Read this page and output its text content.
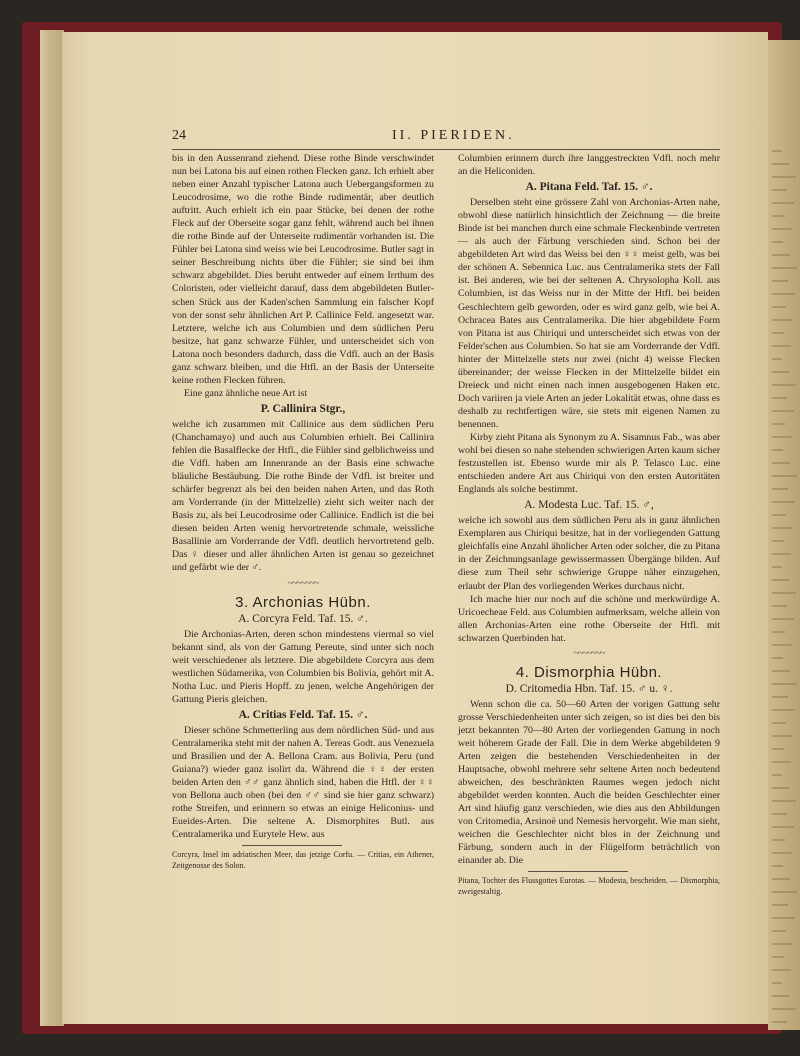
24	II. PIERIDEN.

bis in den Aussenrand ziehend. Diese rothe Binde verschwindet nun bei Latona bis auf einen rothen Flecken ganz. Ich erhielt aber neben einer Anzahl typischer Latona auch Uebergangsformen zu Leucodrosime, wo die rothe Binde rudimentär, aber deutlich auftritt. Auch erhielt ich ein paar Stücke, bei denen der rothe Fleck auf der Oberseite sogar ganz fehlt, während auch bei ihnen die rothe Binde auf der Unterseite rudimentär vorhanden ist. Die Fühler bei Latona sind weiss wie bei Leucodrosime. Butler sagt in seiner Beschreibung nichts über die Fühler; sie sind bei ihm schwarz abgebildet. Dies beruht entweder auf einem Irrthum des Coloristen, oder vielleicht darauf, dass dem abgebildeten Butlerschen Stück aus der Kaden'schen Sammlung ein falscher Kopf von der sonst sehr ähnlichen Art P. Callinice Feld. angesetzt war. Letztere, welche ich aus Columbien und dem südlichen Peru besitze, hat ganz schwarze Fühler, und unterscheidet sich von Latona noch besonders dadurch, dass die Vdfl. auch an der Basis ganz schwarz bleiben, und die Htfl. an der Basis der Unterseite keine rothen Flecken führen.

Eine ganz ähnliche neue Art ist

P. Callinira Stgr.,

welche ich zusammen mit Callinice aus dem südlichen Peru (Chanchamayo) und auch aus Columbien erhielt. Bei Callinira fehlen die Basalflecke der Htfl., die Fühler sind gelblichweiss und die Vdfl. haben am Innenrande an der Basis eine schwache bläuliche Bestäubung. Die rothe Binde der Vdfl. ist breiter und schärfer begrenzt als bei den beiden nahen Arten, und das Roth am Vorderrande (in der Mittelzelle) zieht sich weiter nach der Basis zu, als bei Leucodrosime oder Callinice. Endlich ist die bei diesen beiden Arten wenig hervortretende schmale, weissliche Basallinie am Vorderrande der Vdfl. deutlich hervortretend gelb. Das ♀ dieser und aller ähnlichen Arten ist genau so gezeichnet und gefärbt wie der ♂.

~~~~~~~
3. Archonias Hübn.
A. Corcyra Feld. Taf. 15. ♂.

Die Archonias-Arten, deren schon mindestens viermal so viel bekannt sind, als von der Gattung Pereute, sind unter sich noch weit verschiedener als letztere. Die abgebildete Corcyra aus dem westlichen Südamerika, von Columbien bis Bolivia, gehört mit A. Notha Luc. und Pieris Hopff. zu jenen, welche Angehörigen der Gattung Pieris gleichen.

A. Critias Feld. Taf. 15. ♂.

Dieser schöne Schmetterling aus dem nördlichen Süd- und aus Centralamerika steht mit der nahen A. Tereas Godt. aus Venezuela und Brasilien und der A. Bellona Cram. aus Bolivia, Peru (und Guiana?) wieder ganz isolirt da. Während die ♀♀ der ersten beiden Arten den ♂♂ ganz ähnlich sind, haben die Htfl. der ♀♀ von Bellona auch oben (bei den ♂♂ sind sie hier ganz schwarz) rothe Streifen, und erinnern so etwas an einige Heliconius- und Eueides-Arten. Die seltene A. Dismorphites Butl. aus Centralamerika und Eurytele Hew. aus

Corcyra, Insel im adriatischen Meer, das jetzige Corfu. — Critias, ein Athener, Zeitgenosse des Solon.

Columbien erinnern durch ihre langgestreckten Vdfl. noch mehr an die Heliconiden.

A. Pitana Feld. Taf. 15. ♂.

Derselben steht eine grössere Zahl von Archonias-Arten nahe, obwohl diese natürlich hinsichtlich der Zeichnung — die breite Binde ist bei manchen durch eine schmale Fleckenbinde vertreten — als auch der Färbung verschieden sind. Schon bei der abgebildeten Art wird das Weiss bei den ♀♀ meist gelb, was bei der schönen A. Sebennica Luc. aus Centralamerika stets der Fall ist. Bei anderen, wie bei der seltenen A. Chrysolopha Koll. aus Columbien, ist das Weiss nur in der Mitte der Htfl. bei beiden Geschlechtern gelb geworden, oder es wird ganz gelb, wie bei A. Ochracea Bates aus Centralamerika. Die hier abgebildete Form von Pitana ist aus Chiriqui und unterscheidet sich etwas von der Felder'schen aus Columbien. So hat sie am Vorderrande der Vdfl. hinter der Mittelzelle stets nur zwei (nicht 4) weisse Flecken übereinander; der weisse Flecken in der Mittelzelle bildet ein Dreieck und nicht einen nach innen ausgebogenen Haken etc. Doch variiren ja viele Arten an jeder Lokalität etwas, ohne dass es deshalb zu rechtfertigen wäre, sie stets mit eigenen Namen zu benennen.

Kirby zieht Pitana als Synonym zu A. Sisamnus Fab., was aber wohl bei diesen so nahe stehenden schwierigen Arten kaum sicher festzustellen ist. Ebenso wurde mir als P. Telasco Luc. eine entschieden andere Art aus Chiriqui von den ersten Autoritäten Englands als solche bestimmt.

A. Modesta Luc. Taf. 15. ♂,

welche ich sowohl aus dem südlichen Peru als in ganz ähnlichen Exemplaren aus Chiriqui besitze, hat in der vorliegenden Gattung gleichfalls eine Anzahl ähnlicher Arten oder solcher, die zu Pitana in der Zeichnungsanlage gewissermassen Übergänge bilden. Auf diese zum Theil sehr schwierige Gruppe näher einzugehen, erlaubt der Plan des vorliegenden Werkes durchaus nicht.

Ich mache hier nur noch auf die schöne und merkwürdige A. Uricoecheae Feld. aus Columbien aufmerksam, welche allein von allen Archonias-Arten eine rothe Oberseite der Htfl. mit schwarzen Querbinden hat.

~~~~~~~
4. Dismorphia Hübn.
D. Critomedia Hbn. Taf. 15. ♂ u. ♀.

Wenn schon die ca. 50—60 Arten der vorigen Gattung sehr grosse Verschiedenheiten unter sich zeigen, so ist dies bei den bis jetzt bekannten 70—80 Arten der vorliegenden Gattung in noch weit höherem Grade der Fall. Die in dem Werke abgebildeten 9 Arten zeigen die bestehenden Verschiedenheiten in der Hauptsache, obwohl mehrere sehr seltene Arten noch bedeutend abweichen, des beschränkten Raumes wegen jedoch nicht abgebildet werden konnten. Auch die beiden Geschlechter einer Art sind häufig ganz verschieden, wie dies aus den Abbildungen von Critomedia, Arsinoë und Nemesis hervorgeht. Wie man sieht, weichen die Geschlechter nicht blos in der Zeichnung und Färbung, sondern auch in der Flügelform beträchtlich von einander ab. Die

Pitana, Tochter des Flussgottes Eurotas. — Modesta, bescheiden. — Dismorphia, zweigestaltig.
